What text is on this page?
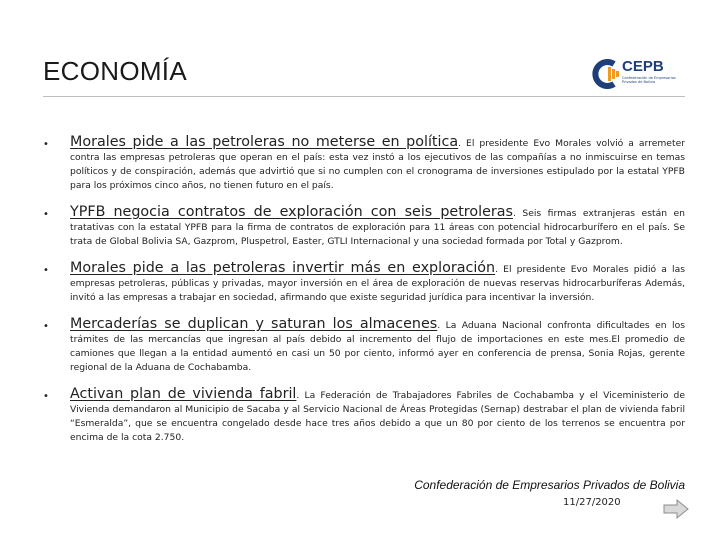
ECONOMÍA	CEPB
Confederación de Empresarios Privados de Bolivia
• Morales pide a las petroleras no meterse en política. El presidente Evo Morales volvió a arremeter contra las empresas petroleras que operan en el país: esta vez instó a los ejecutivos de las compañías a no inmiscuirse en temas políticos y de conspiración, además que advirtió que si no cumplen con el cronograma de inversiones estipulado por la estatal YPFB para los próximos cinco años, no tienen futuro en el país.
• YPFB negocia contratos de exploración con seis petroleras. Seis firmas extranjeras están en tratativas con la estatal YPFB para la firma de contratos de exploración para 11 áreas con potencial hidrocarburífero en el país. Se trata de Global Bolivia SA, Gazprom, Pluspetrol, Easter, GTLI Internacional y una sociedad formada por Total y Gazprom.
• Morales pide a las petroleras invertir más en exploración. El presidente Evo Morales pidió a las empresas petroleras, públicas y privadas, mayor inversión en el área de exploración de nuevas reservas hidrocarburíferas Además, invitó a las empresas a trabajar en sociedad, afirmando que existe seguridad jurídica para incentivar la inversión.
• Mercaderías se duplican y saturan los almacenes. La Aduana Nacional confronta dificultades en los trámites de las mercancías que ingresan al país debido al incremento del flujo de importaciones en este mes.El promedio de camiones que llegan a la entidad aumentó en casi un 50 por ciento, informó ayer en conferencia de prensa, Sonia Rojas, gerente regional de la Aduana de Cochabamba.
• Activan plan de vivienda fabril. La Federación de Trabajadores Fabriles de Cochabamba y el Viceministerio de Vivienda demandaron al Municipio de Sacaba y al Servicio Nacional de Áreas Protegidas (Sernap) destrabar el plan de vivienda fabril “Esmeralda”, que se encuentra congelado desde hace tres años debido a que un 80 por ciento de los terrenos se encuentra por encima de la cota 2.750.
Confederación de Empresarios Privados de Bolivia
11/27/2020
